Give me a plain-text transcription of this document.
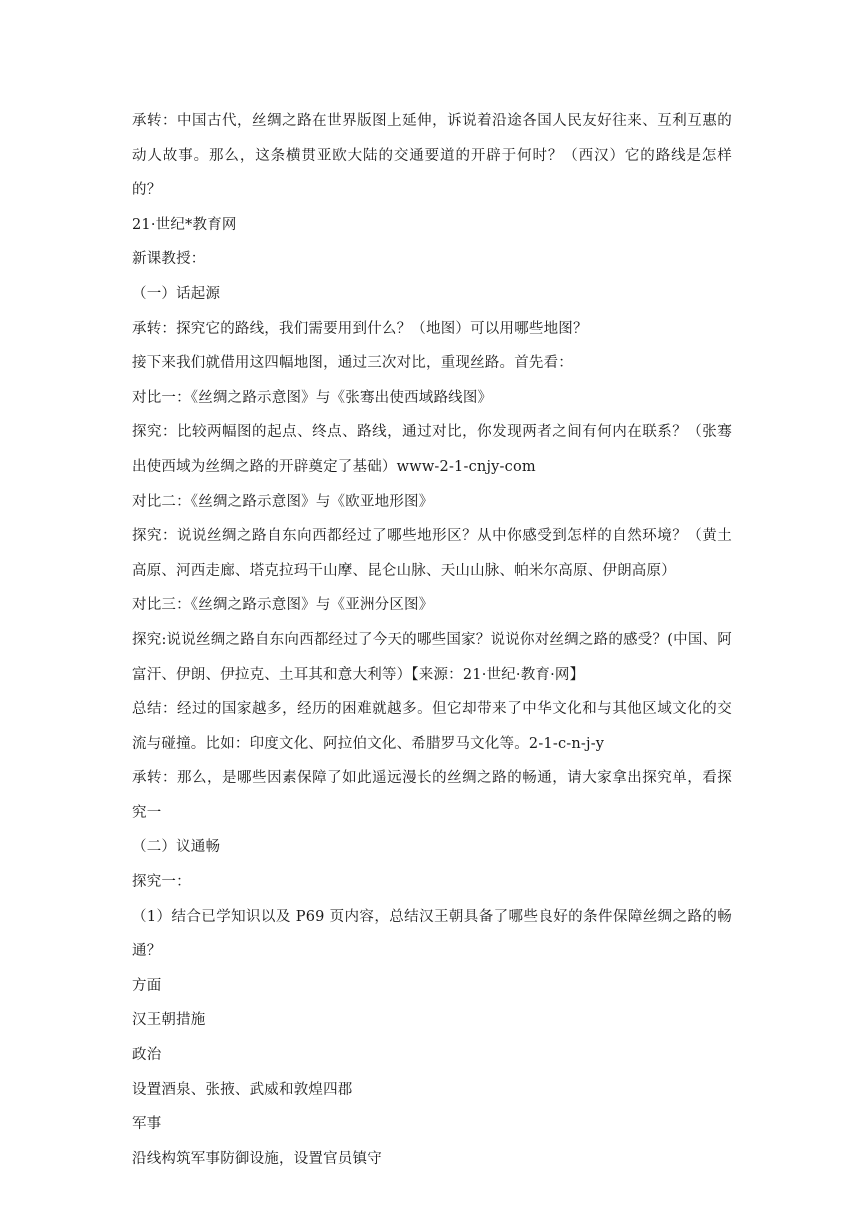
承转：中国古代，丝绸之路在世界版图上延伸，诉说着沿途各国人民友好往来、互利互惠的动人故事。那么，这条横贯亚欧大陆的交通要道的开辟于何时？（西汉）它的路线是怎样的？

21·世纪*教育网

新课教授：

（一）话起源

承转：探究它的路线，我们需要用到什么？（地图）可以用哪些地图？

接下来我们就借用这四幅地图，通过三次对比，重现丝路。首先看：

对比一：《丝绸之路示意图》与《张骞出使西域路线图》

探究：比较两幅图的起点、终点、路线，通过对比，你发现两者之间有何内在联系？（张骞出使西域为丝绸之路的开辟奠定了基础）www-2-1-cnjy-com

对比二：《丝绸之路示意图》与《欧亚地形图》

探究：说说丝绸之路自东向西都经过了哪些地形区？从中你感受到怎样的自然环境？（黄土高原、河西走廊、塔克拉玛干山摩、昆仑山脉、天山山脉、帕米尔高原、伊朗高原）

对比三：《丝绸之路示意图》与《亚洲分区图》

探究:说说丝绸之路自东向西都经过了今天的哪些国家？说说你对丝绸之路的感受？(中国、阿富汗、伊朗、伊拉克、土耳其和意大利等）【来源：21·世纪·教育·网】

总结：经过的国家越多，经历的困难就越多。但它却带来了中华文化和与其他区域文化的交流与碰撞。比如：印度文化、阿拉伯文化、希腊罗马文化等。2-1-c-n-j-y

承转：那么，是哪些因素保障了如此遥远漫长的丝绸之路的畅通，请大家拿出探究单，看探究一

（二）议通畅

探究一：

（1）结合已学知识以及 P69 页内容，总结汉王朝具备了哪些良好的条件保障丝绸之路的畅通？

方面

汉王朝措施

政治

设置酒泉、张掖、武威和敦煌四郡

军事

沿线构筑军事防御设施，设置官员镇守
